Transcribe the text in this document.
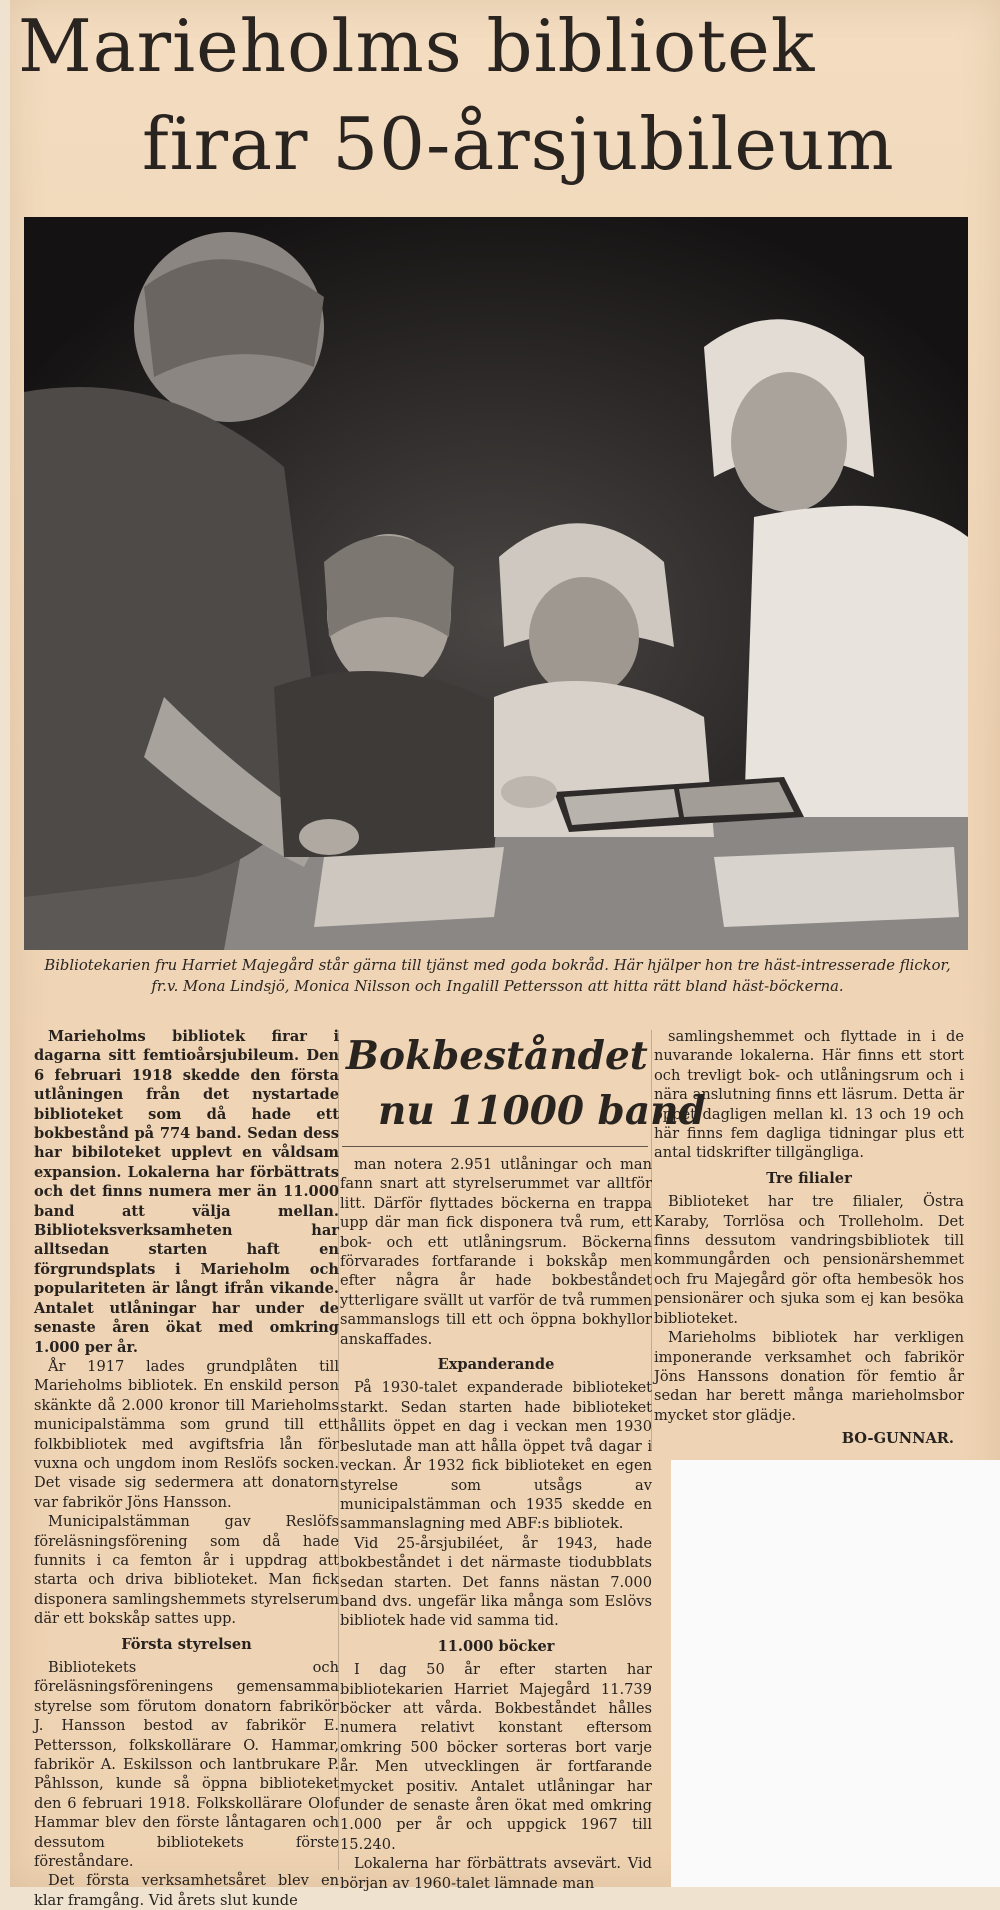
Marieholms bibliotek
firar 50-årsjubileum
Bibliotekarien fru Harriet Majegård står gärna till tjänst med goda bokråd. Här hjälper hon tre häst-intresserade flickor, fr.v. Mona Lindsjö, Monica Nilsson och Ingalill Pettersson att hitta rätt bland häst-böckerna.

Marieholms bibliotek firar i dagarna sitt femtioårsjubileum. Den 6 februari 1918 skedde den första utlåningen från det nystartade biblioteket som då hade ett bokbestånd på 774 band. Sedan dess har bibiloteket upplevt en våldsam expansion. Lokalerna har förbättrats och det finns numera mer än 11.000 band att välja mellan. Biblioteksverksamheten har alltsedan starten haft en förgrundsplats i Marieholm och populariteten är långt ifrån vikande. Antalet utlåningar har under de senaste åren ökat med omkring 1.000 per år.

År 1917 lades grundplåten till Marieholms bibliotek. En enskild person skänkte då 2.000 kronor till Marieholms municipalstämma som grund till ett folkbibliotek med avgiftsfria lån för vuxna och ungdom inom Reslöfs socken. Det visade sig sedermera att donatorn var fabrikör Jöns Hansson.

Municipalstämman gav Reslöfs föreläsningsförening som då hade funnits i ca femton år i uppdrag att starta och driva biblioteket. Man fick disponera samlingshemmets styrelserum där ett bokskåp sattes upp.

Första styrelsen

Bibliotekets och föreläsningsföreningens gemensamma styrelse som förutom donatorn fabrikör J. Hansson bestod av fabrikör E. Pettersson, folkskollärare O. Hammar, fabrikör A. Eskilsson och lantbrukare P. Påhlsson, kunde så öppna biblioteket den 6 februari 1918. Folkskollärare Olof Hammar blev den förste låntagaren och dessutom bibliotekets förste föreståndare.

Det första verksamhetsåret blev en klar framgång. Vid årets slut kunde

Bokbeståndet
nu 11000 band

man notera 2.951 utlåningar och man fann snart att styrelserummet var alltför litt. Därför flyttades böckerna en trappa upp där man fick disponera två rum, ett bok- och ett utlåningsrum. Böckerna förvarades fortfarande i bokskåp men efter några år hade bokbeståndet ytterligare svällt ut varför de två rummen sammanslogs till ett och öppna bokhyllor anskaffades.

Expanderande

På 1930-talet expanderade biblioteket starkt. Sedan starten hade biblioteket hållits öppet en dag i veckan men 1930 beslutade man att hålla öppet två dagar i veckan. År 1932 fick biblioteket en egen styrelse som utsågs av municipalstämman och 1935 skedde en sammanslagning med ABF:s bibliotek.

Vid 25-årsjubiléet, år 1943, hade bokbeståndet i det närmaste tiodubblats sedan starten. Det fanns nästan 7.000 band dvs. ungefär lika många som Eslövs bibliotek hade vid samma tid.

11.000 böcker

I dag 50 år efter starten har bibliotekarien Harriet Majegård 11.739 böcker att vårda. Bokbeståndet hålles numera relativt konstant eftersom omkring 500 böcker sorteras bort varje år. Men utvecklingen är fortfarande mycket positiv. Antalet utlåningar har under de senaste åren ökat med omkring 1.000 per år och uppgick 1967 till 15.240.

Lokalerna har förbättrats avsevärt. Vid början av 1960-talet lämnade man

samlingshemmet och flyttade in i de nuvarande lokalerna. Här finns ett stort och trevligt bok- och utlåningsrum och i nära anslutning finns ett läsrum. Detta är öppet dagligen mellan kl. 13 och 19 och här finns fem dagliga tidningar plus ett antal tidskrifter tillgängliga.

Tre filialer

Biblioteket har tre filialer, Östra Karaby, Torrlösa och Trolleholm. Det finns dessutom vandringsbibliotek till kommungården och pensionärshemmet och fru Majegård gör ofta hembesök hos pensionärer och sjuka som ej kan besöka biblioteket.

Marieholms bibliotek har verkligen imponerande verksamhet och fabrikör Jöns Hanssons donation för femtio år sedan har berett många marieholmsbor mycket stor glädje.

BO-GUNNAR.
